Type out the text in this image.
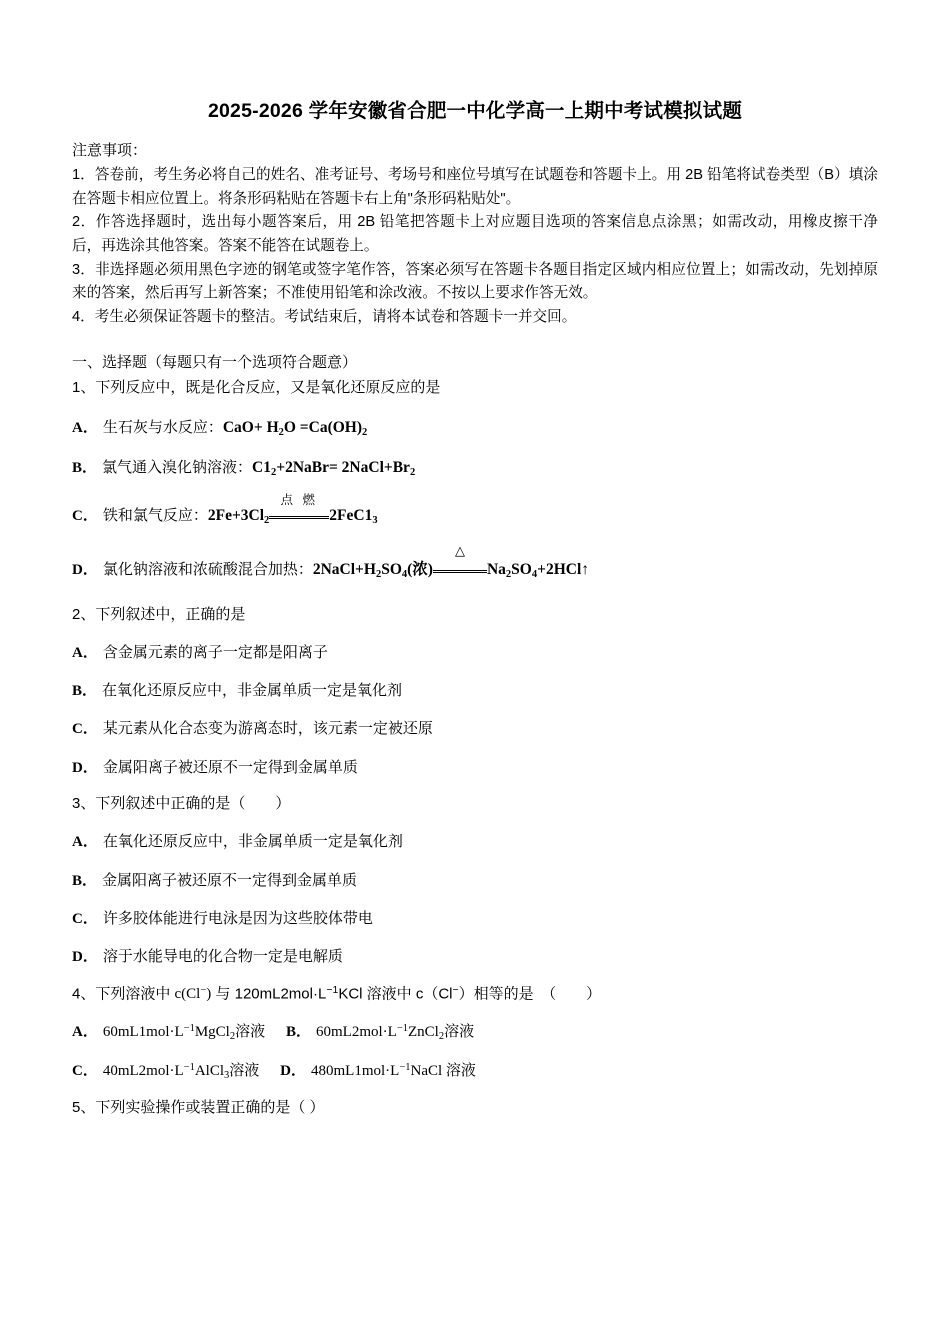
2025-2026 学年安徽省合肥一中化学高一上期中考试模拟试题
注意事项：

1．答卷前，考生务必将自己的姓名、准考证号、考场号和座位号填写在试题卷和答题卡上。用 2B 铅笔将试卷类型（B）填涂在答题卡相应位置上。将条形码粘贴在答题卡右上角"条形码粘贴处"。

2．作答选择题时，选出每小题答案后，用 2B 铅笔把答题卡上对应题目选项的答案信息点涂黑；如需改动，用橡皮擦干净后，再选涂其他答案。答案不能答在试题卷上。

3．非选择题必须用黑色字迹的钢笔或签字笔作答，答案必须写在答题卡各题目指定区域内相应位置上；如需改动，先划掉原来的答案，然后再写上新答案；不准使用铅笔和涂改液。不按以上要求作答无效。

4．考生必须保证答题卡的整洁。考试结束后，请将本试卷和答题卡一并交回。

一、选择题（每题只有一个选项符合题意）

1、下列反应中，既是化合反应，又是氧化还原反应的是

A． 生石灰与水反应：$CaO+ H_2O =Ca(OH)_2$

B． 氯气通入溴化钠溶液：$C1_2+2NaBr=$ $2NaCl+Br_2$

C． 铁和氯气反应：$2Fe+3Cl_2$
点 燃
$2FeC1_3$

D． 氯化钠溶液和浓硫酸混合加热：$2NaCl+H_2SO_4$(浓)
△
$Na_2SO_4+2HCl↑$

2、下列叙述中，正确的是

A． 含金属元素的离子一定都是阳离子

B． 在氧化还原反应中，非金属单质一定是氧化剂

C． 某元素从化合态变为游离态时，该元素一定被还原

D． 金属阳离子被还原不一定得到金属单质

3、下列叙述中正确的是（　　）

A． 在氧化还原反应中，非金属单质一定是氧化剂

B． 金属阳离子被还原不一定得到金属单质

C． 许多胶体能进行电泳是因为这些胶体带电

D． 溶于水能导电的化合物一定是电解质

4、下列溶液中 c(Cl−) 与 $120mL2mol\cdot L^{-1}KCl$ 溶液中 c（Cl−）相等的是　（　　）

A． $60mL1mol\cdot L^{-1}MgCl_2$溶液 B． $60mL2mol\cdot L^{-1}ZnCl_2$溶液

C． $40mL2mol\cdot L^{-1}AlCl_3$溶液 D． $480mL1mol\cdot L^{-1}NaCl$ 溶液

5、下列实验操作或装置正确的是（ ）
